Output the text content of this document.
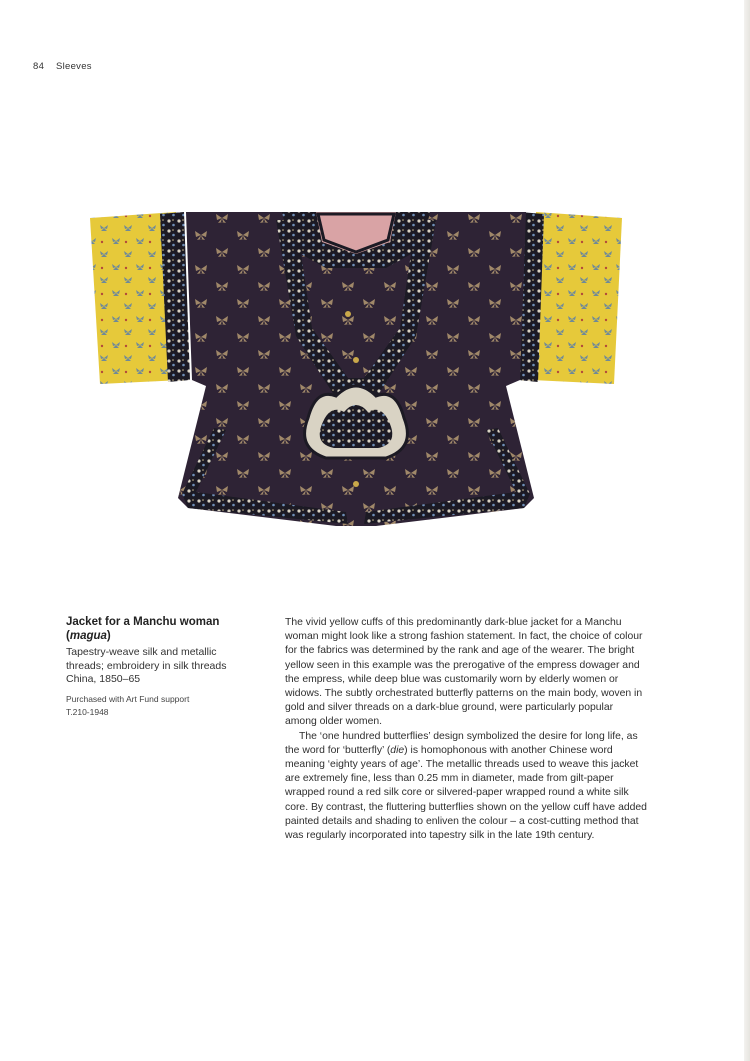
84 Sleeves
Jacket for a Manchu woman
(magua)
Tapestry-weave silk and metallic
threads; embroidery in silk threads
China, 1850–65
Purchased with Art Fund support
T.210-1948

The vivid yellow cuffs of this predominantly dark-blue jacket for a Manchu woman might look like a strong fashion statement. In fact, the choice of colour for the fabrics was determined by the rank and age of the wearer. The bright yellow seen in this example was the prerogative of the empress dowager and the empress, while deep blue was customarily worn by elderly women or widows. The subtly orchestrated butterfly patterns on the main body, woven in gold and silver threads on a dark-blue ground, were particularly popular among older women.

The ‘one hundred butterflies’ design symbolized the desire for long life, as the word for ‘butterfly’ (die) is homophonous with another Chinese word meaning ‘eighty years of age’. The metallic threads used to weave this jacket are extremely fine, less than 0.25 mm in diameter, made from gilt-paper wrapped round a red silk core or silvered-paper wrapped round a white silk core. By contrast, the fluttering butterflies shown on the yellow cuff have added painted details and shading to enliven the colour – a cost-cutting method that was regularly incorporated into tapestry silk in the late 19th century.
